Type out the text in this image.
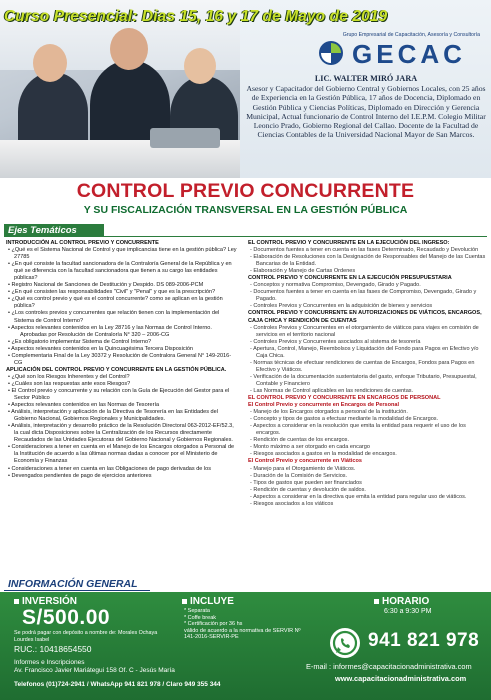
Curso Presencial: Dias 15, 16 y 17 de Mayo de 2019
Grupo Empresarial de Capacitación, Asesoría y Consultoría
GECAC
LIC. WALTER MIRÓ JARA
Asesor y Capacitador del Gobierno Central y Gobiernos Locales, con 25 años de Experiencia en la Gestión Pública, 17 años de Docencia, Diplomado en Gestión Pública y Ciencias Políticas, Diplomado en Dirección y Gerencia Municipal, Actual funcionario de Control Interno del I.E.P.M. Colegio Militar Leoncio Prado, Gobierno Regional del Callao. Docente de la Facultad de Ciencias Contables de la Universidad Nacional Mayor de San Marcos.
CONTROL PREVIO CONCURRENTE
Y SU FISCALIZACIÓN TRANSVERSAL EN LA GESTIÓN PÚBLICA
Ejes Temáticos
INTRODUCCIÓN AL CONTROL PREVIO Y CONCURRENTE
• ¿Qué es el Sistema Nacional de Control y que implicancias tiene en la gestión pública? Ley 27785
• ¿En qué consiste la facultad sancionadora de la Contraloría General de la República y en qué se diferencia con la facultad sancionadora que tienen a su cargo las entidades públicas?
• Registro Nacional de Sanciones de Destitución y Despido. DS 089-2006-PCM
• ¿En qué consisten las responsabilidades "Civil" y "Penal" y que es la prescripción?
• ¿Qué es control previo y qué es el control concurrente? como se aplican en la gestión pública?
• ¿Los controles previos y concurrentes que relación tienen con la implementación del Sistema de Control Interno?
• Aspectos relevantes contenidos en la Ley 28716 y las Normas de Control Interno.
Aprobadas por Resolución de Contraloría N° 320 – 2006-CG
• ¿Es obligatorio implementar Sistema de Control Interno?
• Aspectos relevantes contenidos en la Quincuagésima Tercera Disposición
• Complementaria Final de la Ley 30372 y Resolución de Contralora General N° 149-2016-CG
APLICACIÓN DEL CONTROL PREVIO Y CONCURRENTE EN LA GESTIÓN PÚBLICA.
• ¿Qué son los Riesgos Inherentes y del Control?
• ¿Cuáles son las respuestas ante esos Riesgos?
• El Control previo y concurrente y su relación con la Guía de Ejecución del Gestor para el Sector Público
• Aspectos relevantes contenidos en las Normas de Tesorería
• Análisis, interpretación y aplicación de la Directiva de Tesorería en las Entidades del Gobierno Nacional, Gobiernos Regionales y Municipalidades.
• Análisis, interpretación y desarrollo práctico de la Resolución Directoral 063-2012-EF/52.3, la cual dicta Disposiciones sobre la Centralización de los Recursos directamente Recaudados de las Unidades Ejecutoras del Gobierno Nacional y Gobiernos Regionales.
• Consideraciones a tener en cuenta en el Manejo de los Encargos otorgados a Personal de la Institución de acuerdo a las últimas normas dadas a conocer por el Ministerio de Economía y Finanzas
• Consideraciones a tener en cuenta en las Obligaciones de pago derivadas de los
• Devengados pendientes de pago de ejercicios anteriores
EL CONTROL PREVIO Y CONCURRENTE EN LA EJECUCIÓN DEL INGRESO:
- Documentos fuentes a tener en cuenta en las fases Determinado, Recaudado y Devolución
- Elaboración de Resoluciones con la Designación de Responsables del Manejo de las Cuentas Bancarias de la Entidad.
- Elaboración y Manejo de Cartas Ordenes
CONTROL PREVIO Y CONCURRENTE EN LA EJECUCIÓN PRESUPUESTARIA
- Conceptos y normativa Compromiso, Devengado, Girado y Pagado.
- Documentos fuentes a tener en cuenta en las fases de Compromiso, Devengado, Girado y Pagado.
- Controles Previos y Concurrentes en la adquisición de bienes y servicios
CONTROL PREVIO Y CONCURRENTE EN AUTORIZACIONES DE VIÁTICOS, ENCARGOS, CAJA CHICA Y RENDICIÓN DE CUENTAS
- Controles Previos y Concurrentes en el otorgamiento de viáticos para viajes en comisión de servicios en el territorio nacional
- Controles Previos y Concurrentes asociados al sistema de tesorería
- Apertura, Control, Manejo, Reembolsos y Liquidación del Fondo para Pagos en Efectivo y/o Caja Chica.
- Normas técnicas de efectuar rendiciones de cuentas de Encargos, Fondos para Pagos en Efectivo y Viáticos.
- Verificación de la documentación sustentatoria del gasto, enfoque Tributario, Presupuestal, Contable y Financiero
- Las Normas de Control aplicables en las rendiciones de cuentas.
EL CONTROL PREVIO Y CONCURRENTE EN ENCARGOS DE PERSONAL
El Control Previo y concurrente en Encargos de Personal
- Manejo de los Encargos otorgados a personal de la institución.
- Concepto y tipos de gastos a efectuar mediante la modalidad de Encargos.
- Aspectos a considerar en la resolución que emita la entidad para requerir el uso de los encargos.
- Rendición de cuentas de los encargos.
- Monto máximo a ser otorgado en cada encargo
- Riesgos asociados a gastos en la modalidad de encargos.
El Control Previo y concurrente en Viáticos
- Manejo para el Otorgamiento de Viáticos.
- Duración de la Comisión de Servicios.
- Tipos de gastos que pueden ser financiados
- Rendición de cuentas y devolución de saldos.
- Aspectos a considerar en la directiva que emita la entidad para regular uso de viáticos.
- Riesgos asociados a los viáticos
INFORMACIÓN GENERAL
INVERSIÓN
S/500.00
Se podrá pagar con depósito a nombre de: Morales Ochaya Lourdes Isabel
RUC.: 10418654550
Informes e Inscripciones
Av. Francisco Javier Mariátegui 158 Of. C - Jesús María
INCLUYE
* Separata
* Coffe break
* Certificación por 36 hs
válido de acuerdo a la normativa de SERVIR Nº 141-2016-SERVIR-PE
HORARIO
6:30 a 9:30 PM
941 821 978
E-mail : informes@capacitacionadministrativa.com
www.capacitacionadministrativa.com
Telefonos (01)724-2941 / WhatsApp 941 821 978 / Claro 949 355 344
